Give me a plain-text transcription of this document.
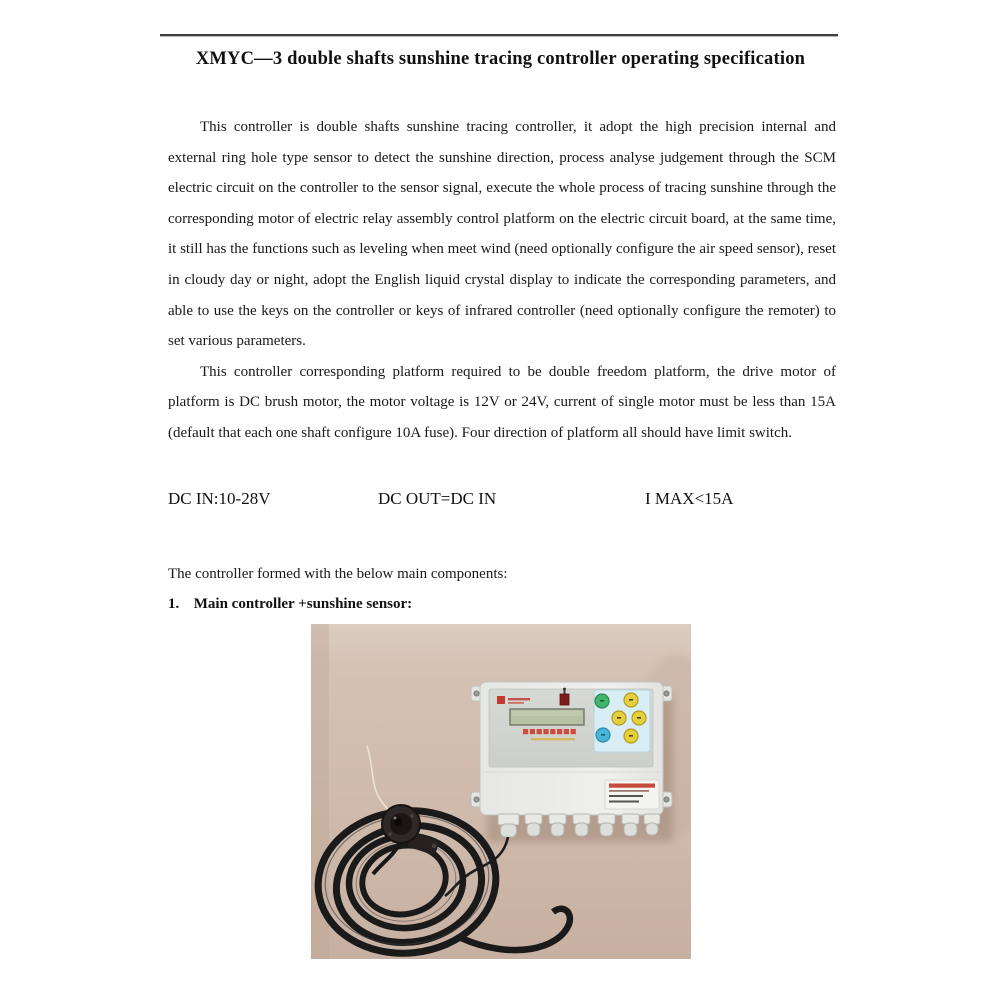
XMYC—3 double shafts sunshine tracing controller operating specification

This controller is double shafts sunshine tracing controller, it adopt the high precision internal and external ring hole type sensor to detect the sunshine direction, process analyse judgement through the SCM electric circuit on the controller to the sensor signal, execute the whole process of tracing sunshine through the corresponding motor of electric relay assembly control platform on the electric circuit board, at the same time, it still has the functions such as leveling when meet wind (need optionally configure the air speed sensor), reset in cloudy day or night, adopt the English liquid crystal display to indicate the corresponding parameters, and able to use the keys on the controller or keys of infrared controller (need optionally configure the remoter) to set various parameters.

This controller corresponding platform required to be double freedom platform, the drive motor of platform is DC brush motor, the motor voltage is 12V or 24V, current of single motor must be less than 15A (default that each one shaft configure 10A fuse). Four direction of platform all should have limit switch.

DC IN:10-28V	DC OUT=DC IN	I MAX<15A
The controller formed with the below main components:
1. Main controller +sunshine sensor:
